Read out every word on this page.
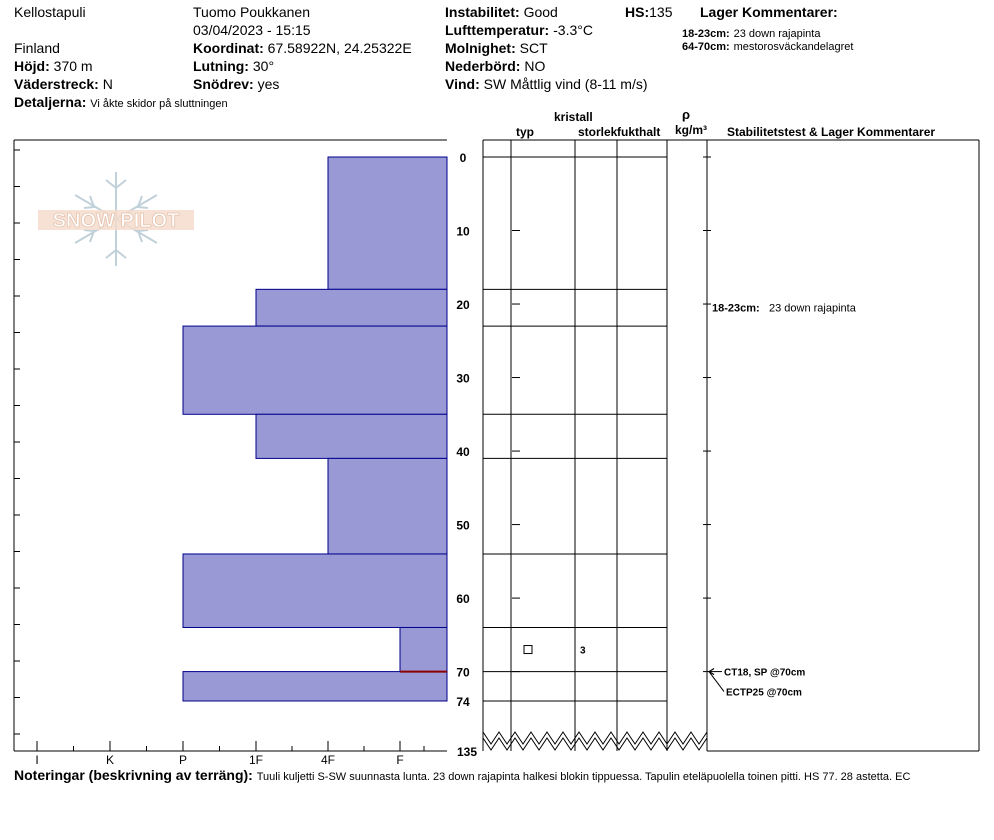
Kellostapuli
Finland
Höjd: 370 m
Väderstreck: N
Detaljerna: Vi åkte skidor på sluttningen
Tuomo Poukkanen
03/04/2023 - 15:15
Koordinat: 67.58922N, 24.25322E
Lutning: 30°
Snödrev: yes
Instabilitet: Good
Lufttemperatur: -3.3°C
Molnighet: SCT
Nederbörd: NO
Vind: SW Måttlig vind (8-11 m/s)
HS:135 Lager Kommentarer:
18-23cm: 23 down rajapinta
64-70cm: mestorosväckandelagret
kristall
typ	storlek fukthalt
ρ
kg/m³ Stabilitetstest & Lager Kommentarer
SNOW PILOT
I	K	P	1F	4F	F
0
10
20
30
40
50
60
70
74
135
3
18-23cm: 23 down rajapinta
CT18, SP @70cm
ECTP25 @70cm
Noteringar (beskrivning av terräng): Tuuli kuljetti S-SW suunnasta lunta. 23 down rajapinta halkesi blokin tippuessa. Tapulin eteläpuolella toinen pitti. HS 77. 28 astetta. EC
